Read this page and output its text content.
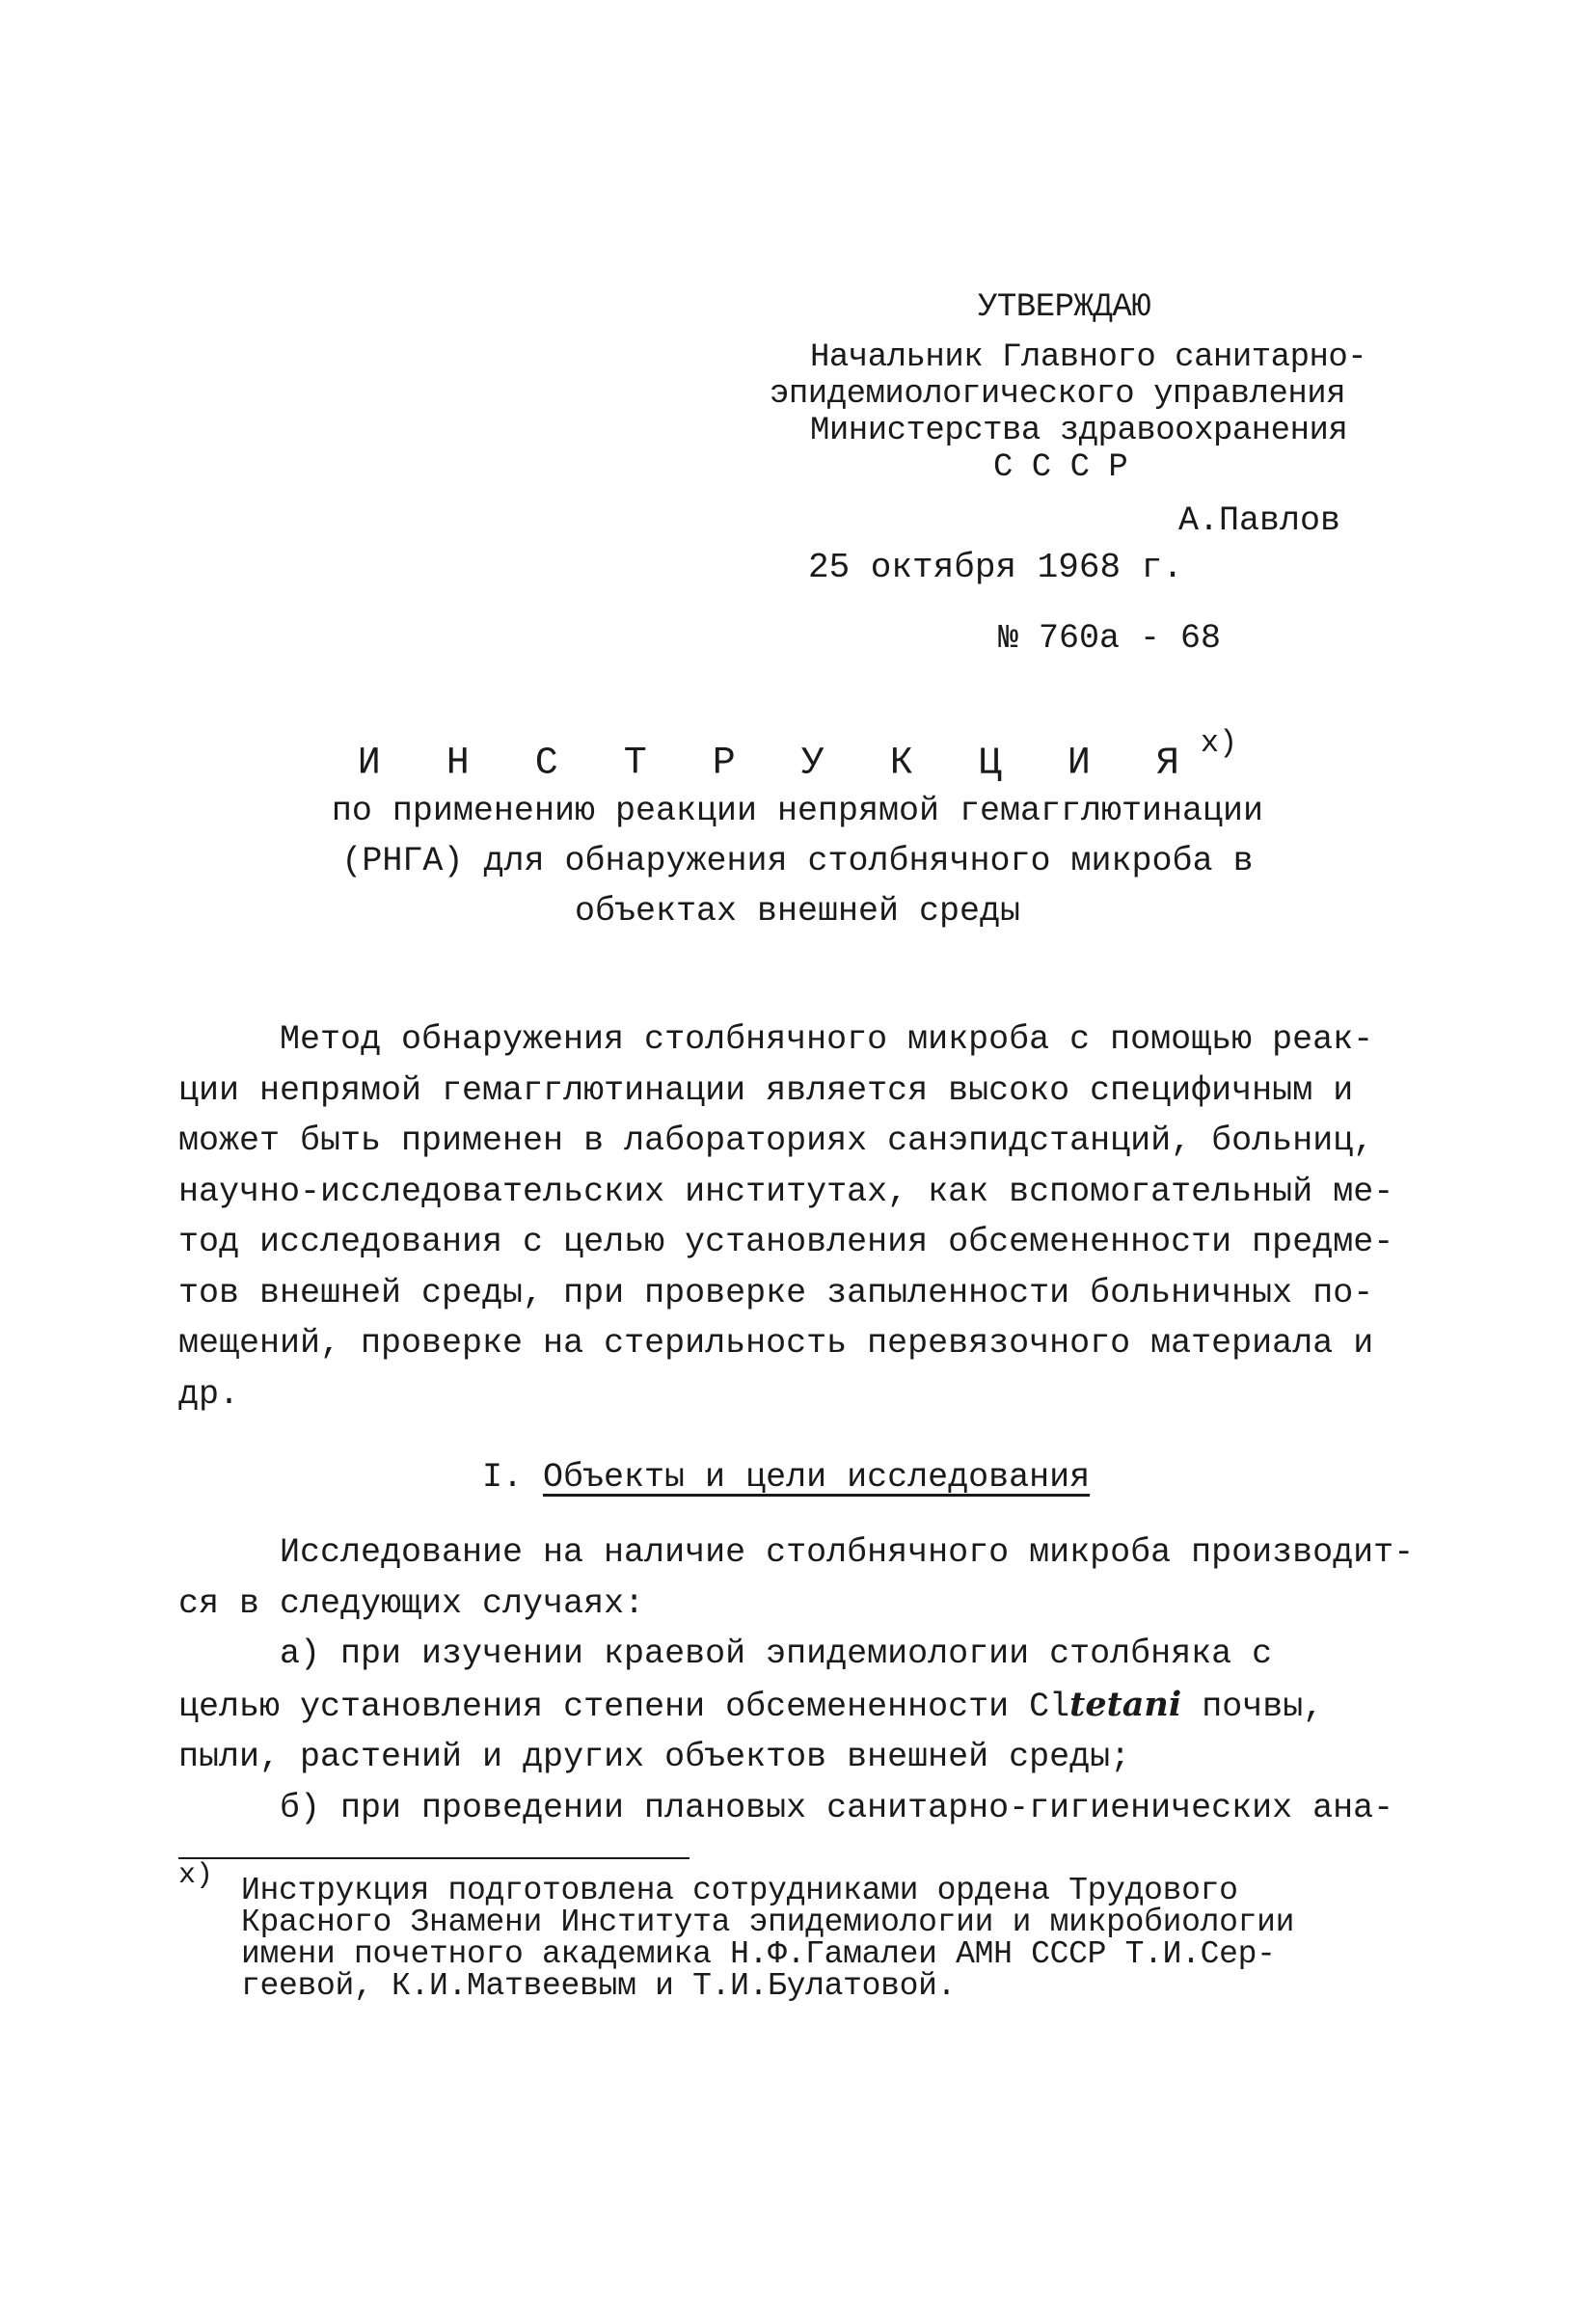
УТВЕРЖДАЮ
Начальник Главного санитарно-
эпидемиологического управления
Министерства здравоохранения
С С С Р
А.Павлов
25 октября 1968 г.
№ 760а - 68
И Н С Т Р У К Ц И $Я^{х)}$
по применению реакции непрямой гемагглютинации
(РНГА) для обнаружения столбнячного микроба в
объектах внешней среды
Метод обнаружения столбнячного микроба с помощью реак-
ции непрямой гемагглютинации является высоко специфичным и
может быть применен в лабораториях санэпидстанций, больниц,
научно-исследовательских институтах, как вспомогательный ме-
тод исследования с целью установления обсемененности предме-
тов внешней среды, при проверке запыленности больничных по-
мещений, проверке на стерильность перевязочного материала и
др.
I. Объекты и цели исследования
Исследование на наличие столбнячного микроба производит-
ся в следующих случаях:
а) при изучении краевой эпидемиологии столбняка с
целью установления степени обсемененности Cltetani почвы,
пыли, растений и других объектов внешней среды;
б) при проведении плановых санитарно-гигиенических ана-
х) Инструкция подготовлена сотрудниками ордена Трудового
Красного Знамени Института эпидемиологии и микробиологии
имени почетного академика Н.Ф.Гамалеи АМН СССР Т.И.Сер-
геевой, К.И.Матвеевым и Т.И.Булатовой.
